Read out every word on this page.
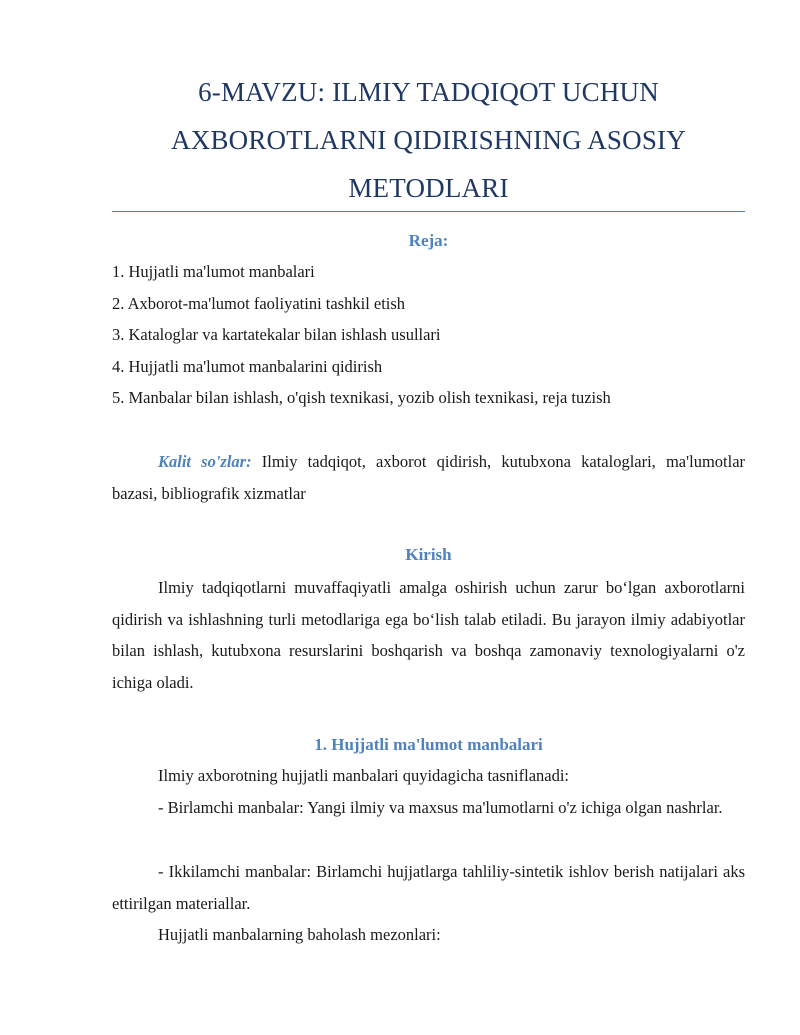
6-MAVZU: ILMIY TADQIQOT UCHUN
AXBOROTLARNI QIDIRISHNING ASOSIY
METODLARI
Reja:
1. Hujjatli ma'lumot manbalari
2. Axborot-ma'lumot faoliyatini tashkil etish
3. Kataloglar va kartatekalar bilan ishlash usullari
4. Hujjatli ma'lumot manbalarini qidirish
5. Manbalar bilan ishlash, o'qish texnikasi, yozib olish texnikasi, reja tuzish
Kalit so'zlar: Ilmiy tadqiqot, axborot qidirish, kutubxona kataloglari, ma'lumotlar bazasi, bibliografik xizmatlar
Kirish
Ilmiy tadqiqotlarni muvaffaqiyatli amalga oshirish uchun zarur bo‘lgan axborotlarni qidirish va ishlashning turli metodlariga ega bo‘lish talab etiladi. Bu jarayon ilmiy adabiyotlar bilan ishlash, kutubxona resurslarini boshqarish va boshqa zamonaviy texnologiyalarni o'z ichiga oladi.
1. Hujjatli ma'lumot manbalari
Ilmiy axborotning hujjatli manbalari quyidagicha tasniflanadi:
- Birlamchi manbalar: Yangi ilmiy va maxsus ma'lumotlarni o'z ichiga olgan nashrlar.
- Ikkilamchi manbalar: Birlamchi hujjatlarga tahliliy-sintetik ishlov berish natijalari aks ettirilgan materiallar.
Hujjatli manbalarning baholash mezonlari:
